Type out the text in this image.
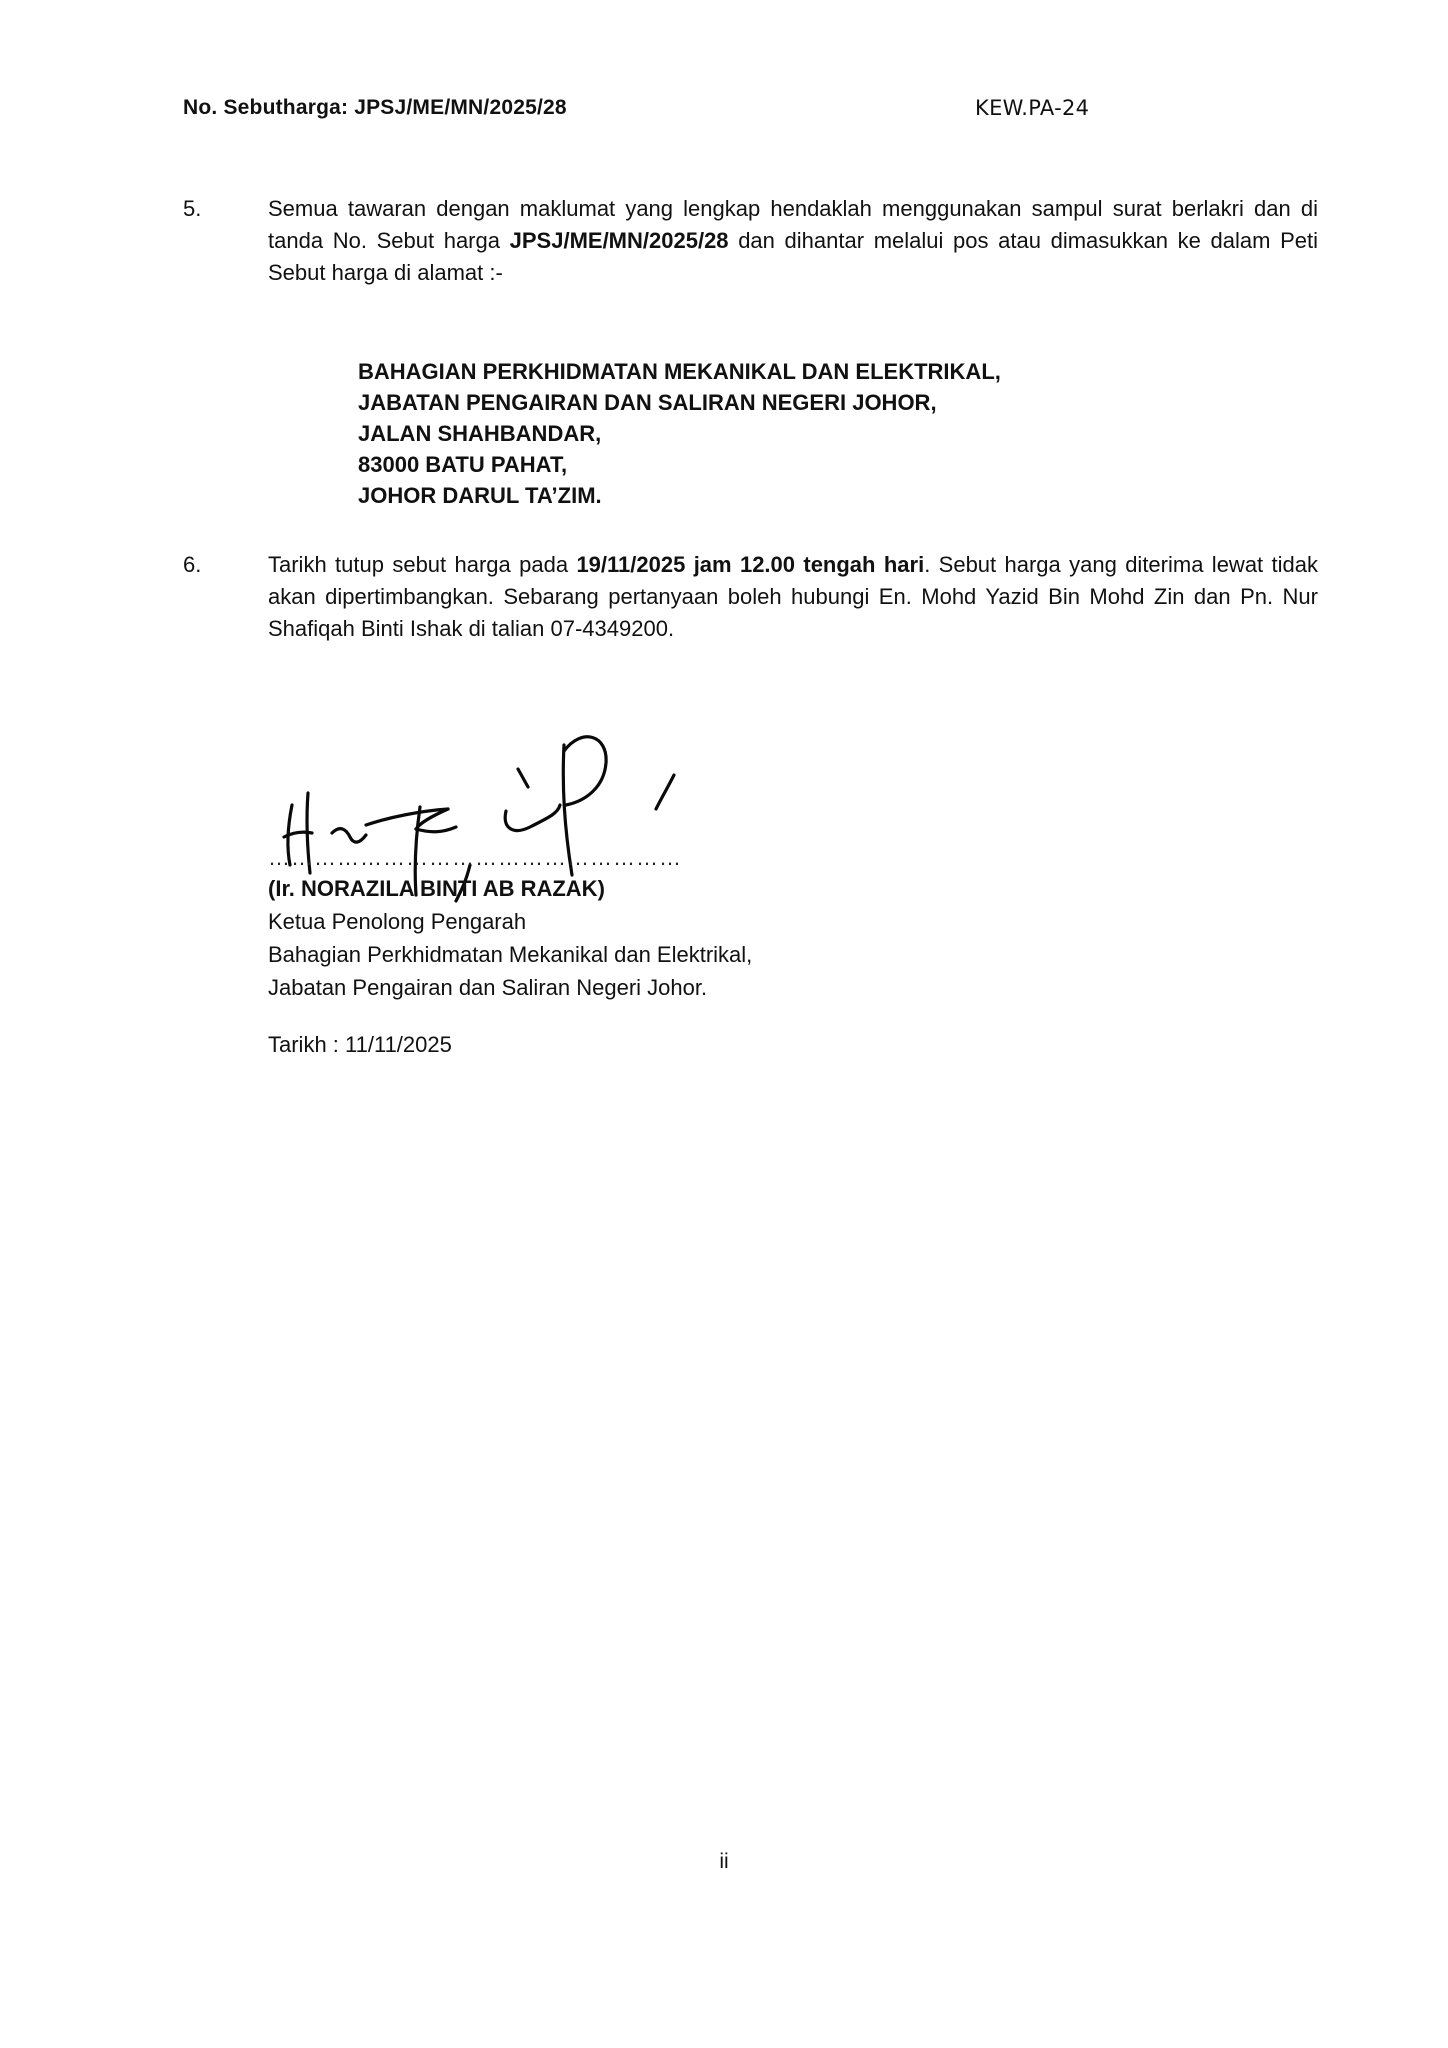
No. Sebutharga: JPSJ/ME/MN/2025/28	KEW.PA-24
5.	Semua tawaran dengan maklumat yang lengkap hendaklah menggunakan sampul surat berlakri dan di tanda No. Sebut harga JPSJ/ME/MN/2025/28 dan dihantar melalui pos atau dimasukkan ke dalam Peti Sebut harga di alamat :-
BAHAGIAN PERKHIDMATAN MEKANIKAL DAN ELEKTRIKAL,
JABATAN PENGAIRAN DAN SALIRAN NEGERI JOHOR,
JALAN SHAHBANDAR,
83000 BATU PAHAT,
JOHOR DARUL TA’ZIM.
6.	Tarikh tutup sebut harga pada 19/11/2025 jam 12.00 tengah hari. Sebut harga yang diterima lewat tidak akan dipertimbangkan. Sebarang pertanyaan boleh hubungi En. Mohd Yazid Bin Mohd Zin dan Pn. Nur Shafiqah Binti Ishak di talian 07-4349200.
………………………………………………
(Ir. NORAZILA BINTI AB RAZAK)
Ketua Penolong Pengarah
Bahagian Perkhidmatan Mekanikal dan Elektrikal,
Jabatan Pengairan dan Saliran Negeri Johor.
Tarikh : 11/11/2025
ii
